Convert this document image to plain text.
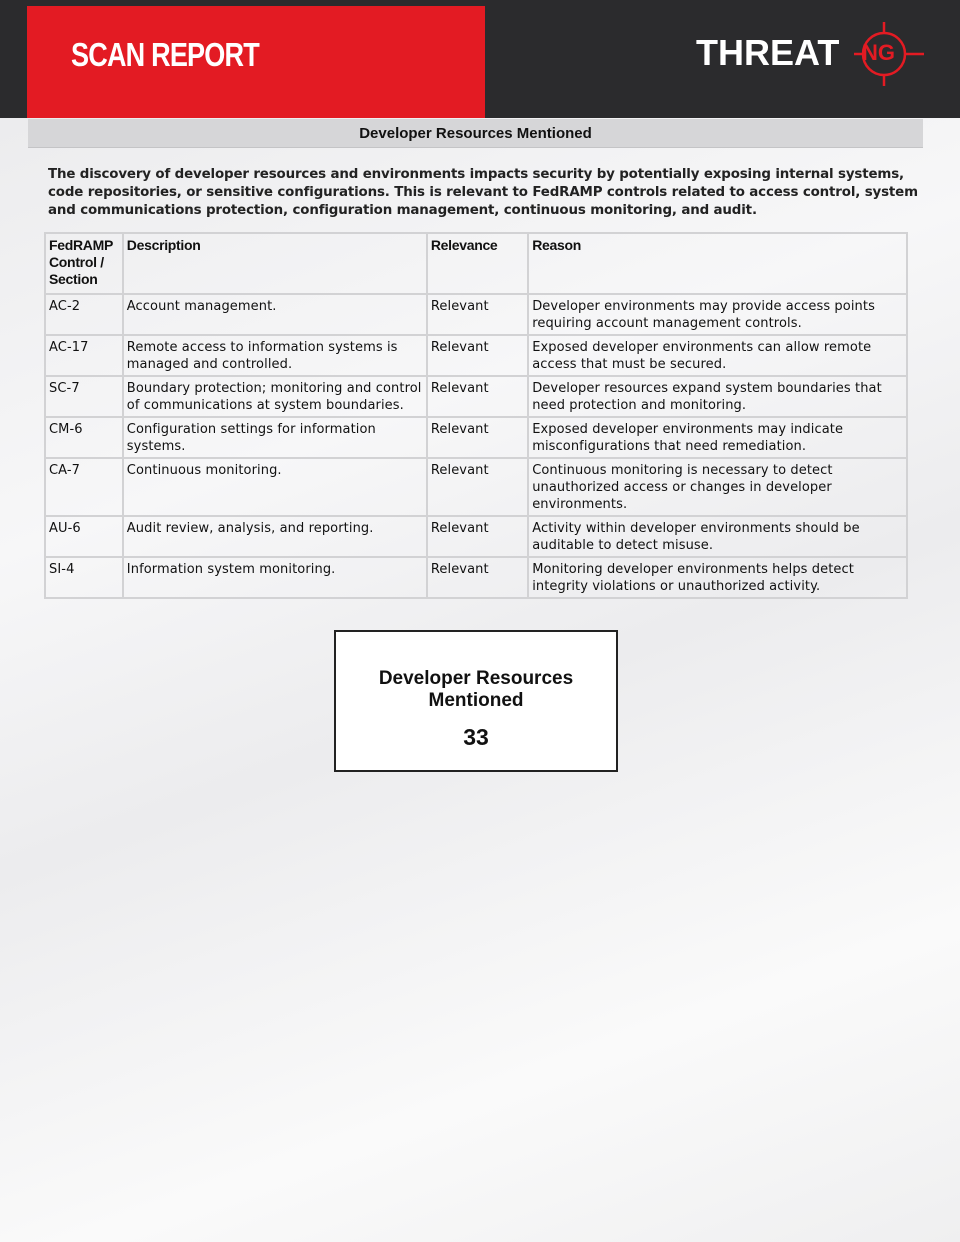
SCAN REPORT	THREAT NG
Developer Resources Mentioned

The discovery of developer resources and environments impacts security by potentially exposing internal systems, code repositories, or sensitive configurations. This is relevant to FedRAMP controls related to access control, system and communications protection, configuration management, continuous monitoring, and audit.

FedRAMP Control / Section	Description	Relevance	Reason
AC-2	Account management.	Relevant	Developer environments may provide access points requiring account management controls.
AC-17	Remote access to information systems is managed and controlled.	Relevant	Exposed developer environments can allow remote access that must be secured.
SC-7	Boundary protection; monitoring and control of communications at system boundaries.	Relevant	Developer resources expand system boundaries that need protection and monitoring.
CM-6	Configuration settings for information systems.	Relevant	Exposed developer environments may indicate misconfigurations that need remediation.
CA-7	Continuous monitoring.	Relevant	Continuous monitoring is necessary to detect unauthorized access or changes in developer environments.
AU-6	Audit review, analysis, and reporting.	Relevant	Activity within developer environments should be auditable to detect misuse.
SI-4	Information system monitoring.	Relevant	Monitoring developer environments helps detect integrity violations or unauthorized activity.
Developer Resources Mentioned
33
